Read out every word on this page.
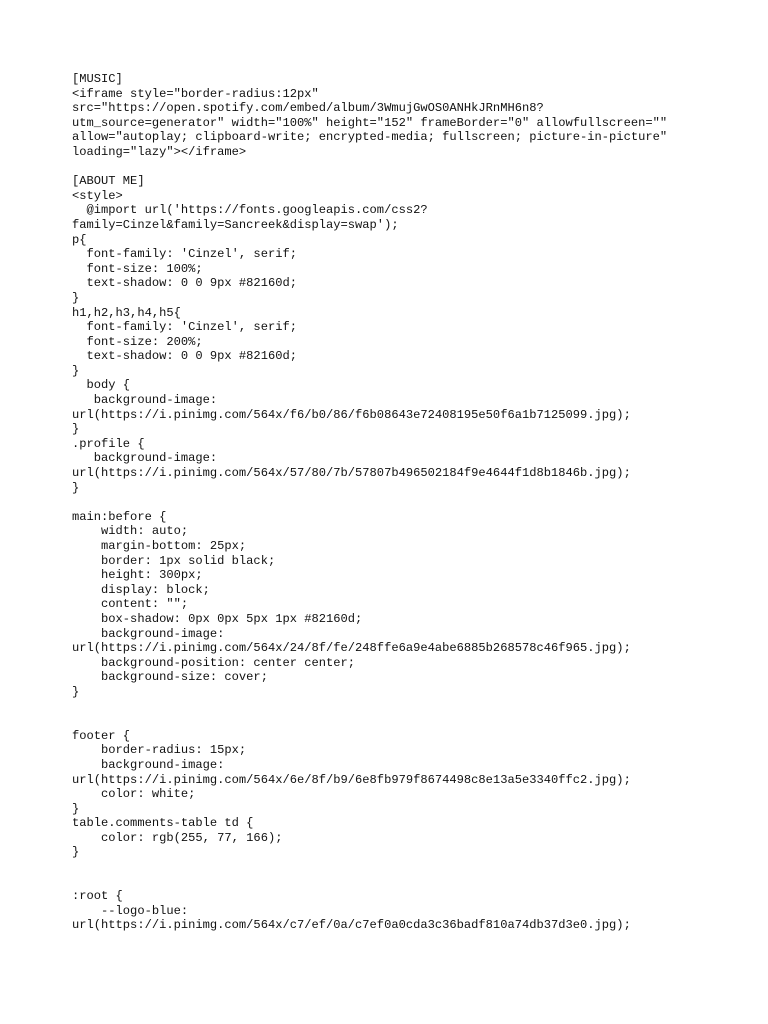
[MUSIC]
<iframe style="border-radius:12px"
src="https://open.spotify.com/embed/album/3WmujGwOS0ANHkJRnMH6n8?
utm_source=generator" width="100%" height="152" frameBorder="0" allowfullscreen=""
allow="autoplay; clipboard-write; encrypted-media; fullscreen; picture-in-picture"
loading="lazy"></iframe>
[ABOUT ME]
<style>
@import url('https://fonts.googleapis.com/css2?
family=Cinzel&family=Sancreek&display=swap');
p{
font-family: 'Cinzel', serif;
font-size: 100%;
text-shadow: 0 0 9px #82160d;
}
h1,h2,h3,h4,h5{
font-family: 'Cinzel', serif;
font-size: 200%;
text-shadow: 0 0 9px #82160d;
}
body {
background-image:
url(https://i.pinimg.com/564x/f6/b0/86/f6b08643e72408195e50f6a1b7125099.jpg);
}
.profile {
background-image:
url(https://i.pinimg.com/564x/57/80/7b/57807b496502184f9e4644f1d8b1846b.jpg);
}
main:before {
width: auto;
margin-bottom: 25px;
border: 1px solid black;
height: 300px;
display: block;
content: "";
box-shadow: 0px 0px 5px 1px #82160d;
background-image:
url(https://i.pinimg.com/564x/24/8f/fe/248ffe6a9e4abe6885b268578c46f965.jpg);
background-position: center center;
background-size: cover;
}
footer {
border-radius: 15px;
background-image:
url(https://i.pinimg.com/564x/6e/8f/b9/6e8fb979f8674498c8e13a5e3340ffc2.jpg);
color: white;
}
table.comments-table td {
color: rgb(255, 77, 166);
}
:root {
--logo-blue:
url(https://i.pinimg.com/564x/c7/ef/0a/c7ef0a0cda3c36badf810a74db37d3e0.jpg);
